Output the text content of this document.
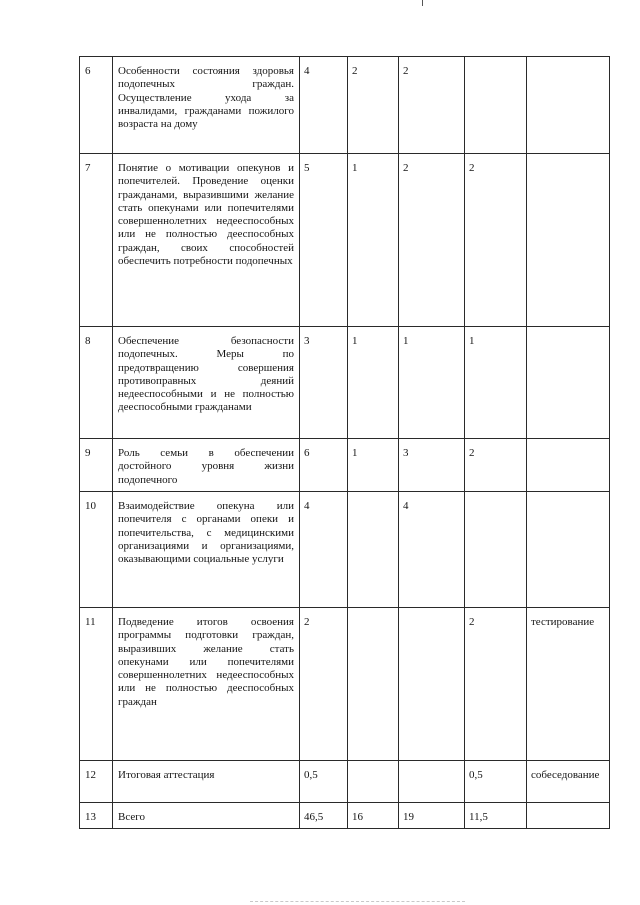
6	Особенности состояния здоровья подопечных граждан. Осуществление ухода за инвалидами, гражданами пожилого возраста на дому	4	2	2		
7	Понятие о мотивации опекунов и попечителей. Проведение оценки гражданами, выразившими желание стать опекунами или попечителями совершеннолетних недееспособных или не полностью дееспособных граждан, своих способностей обеспечить потребности подопечных	5	1	2	2	
8	Обеспечение безопасности подопечных. Меры по предотвращению совершения противоправных деяний недееспособными и не полностью дееспособными гражданами	3	1	1	1	
9	Роль семьи в обеспечении достойного уровня жизни подопечного	6	1	3	2	
10	Взаимодействие опекуна или попечителя с органами опеки и попечительства, с медицинскими организациями и организациями, оказывающими социальные услуги	4		4		
11	Подведение итогов освоения программы подготовки граждан, выразивших желание стать опекунами или попечителями совершеннолетних недееспособных или не полностью дееспособных граждан	2			2	тестирование
12	Итоговая аттестация	0,5			0,5	собеседование
13	Всего	46,5	16	19	11,5	
